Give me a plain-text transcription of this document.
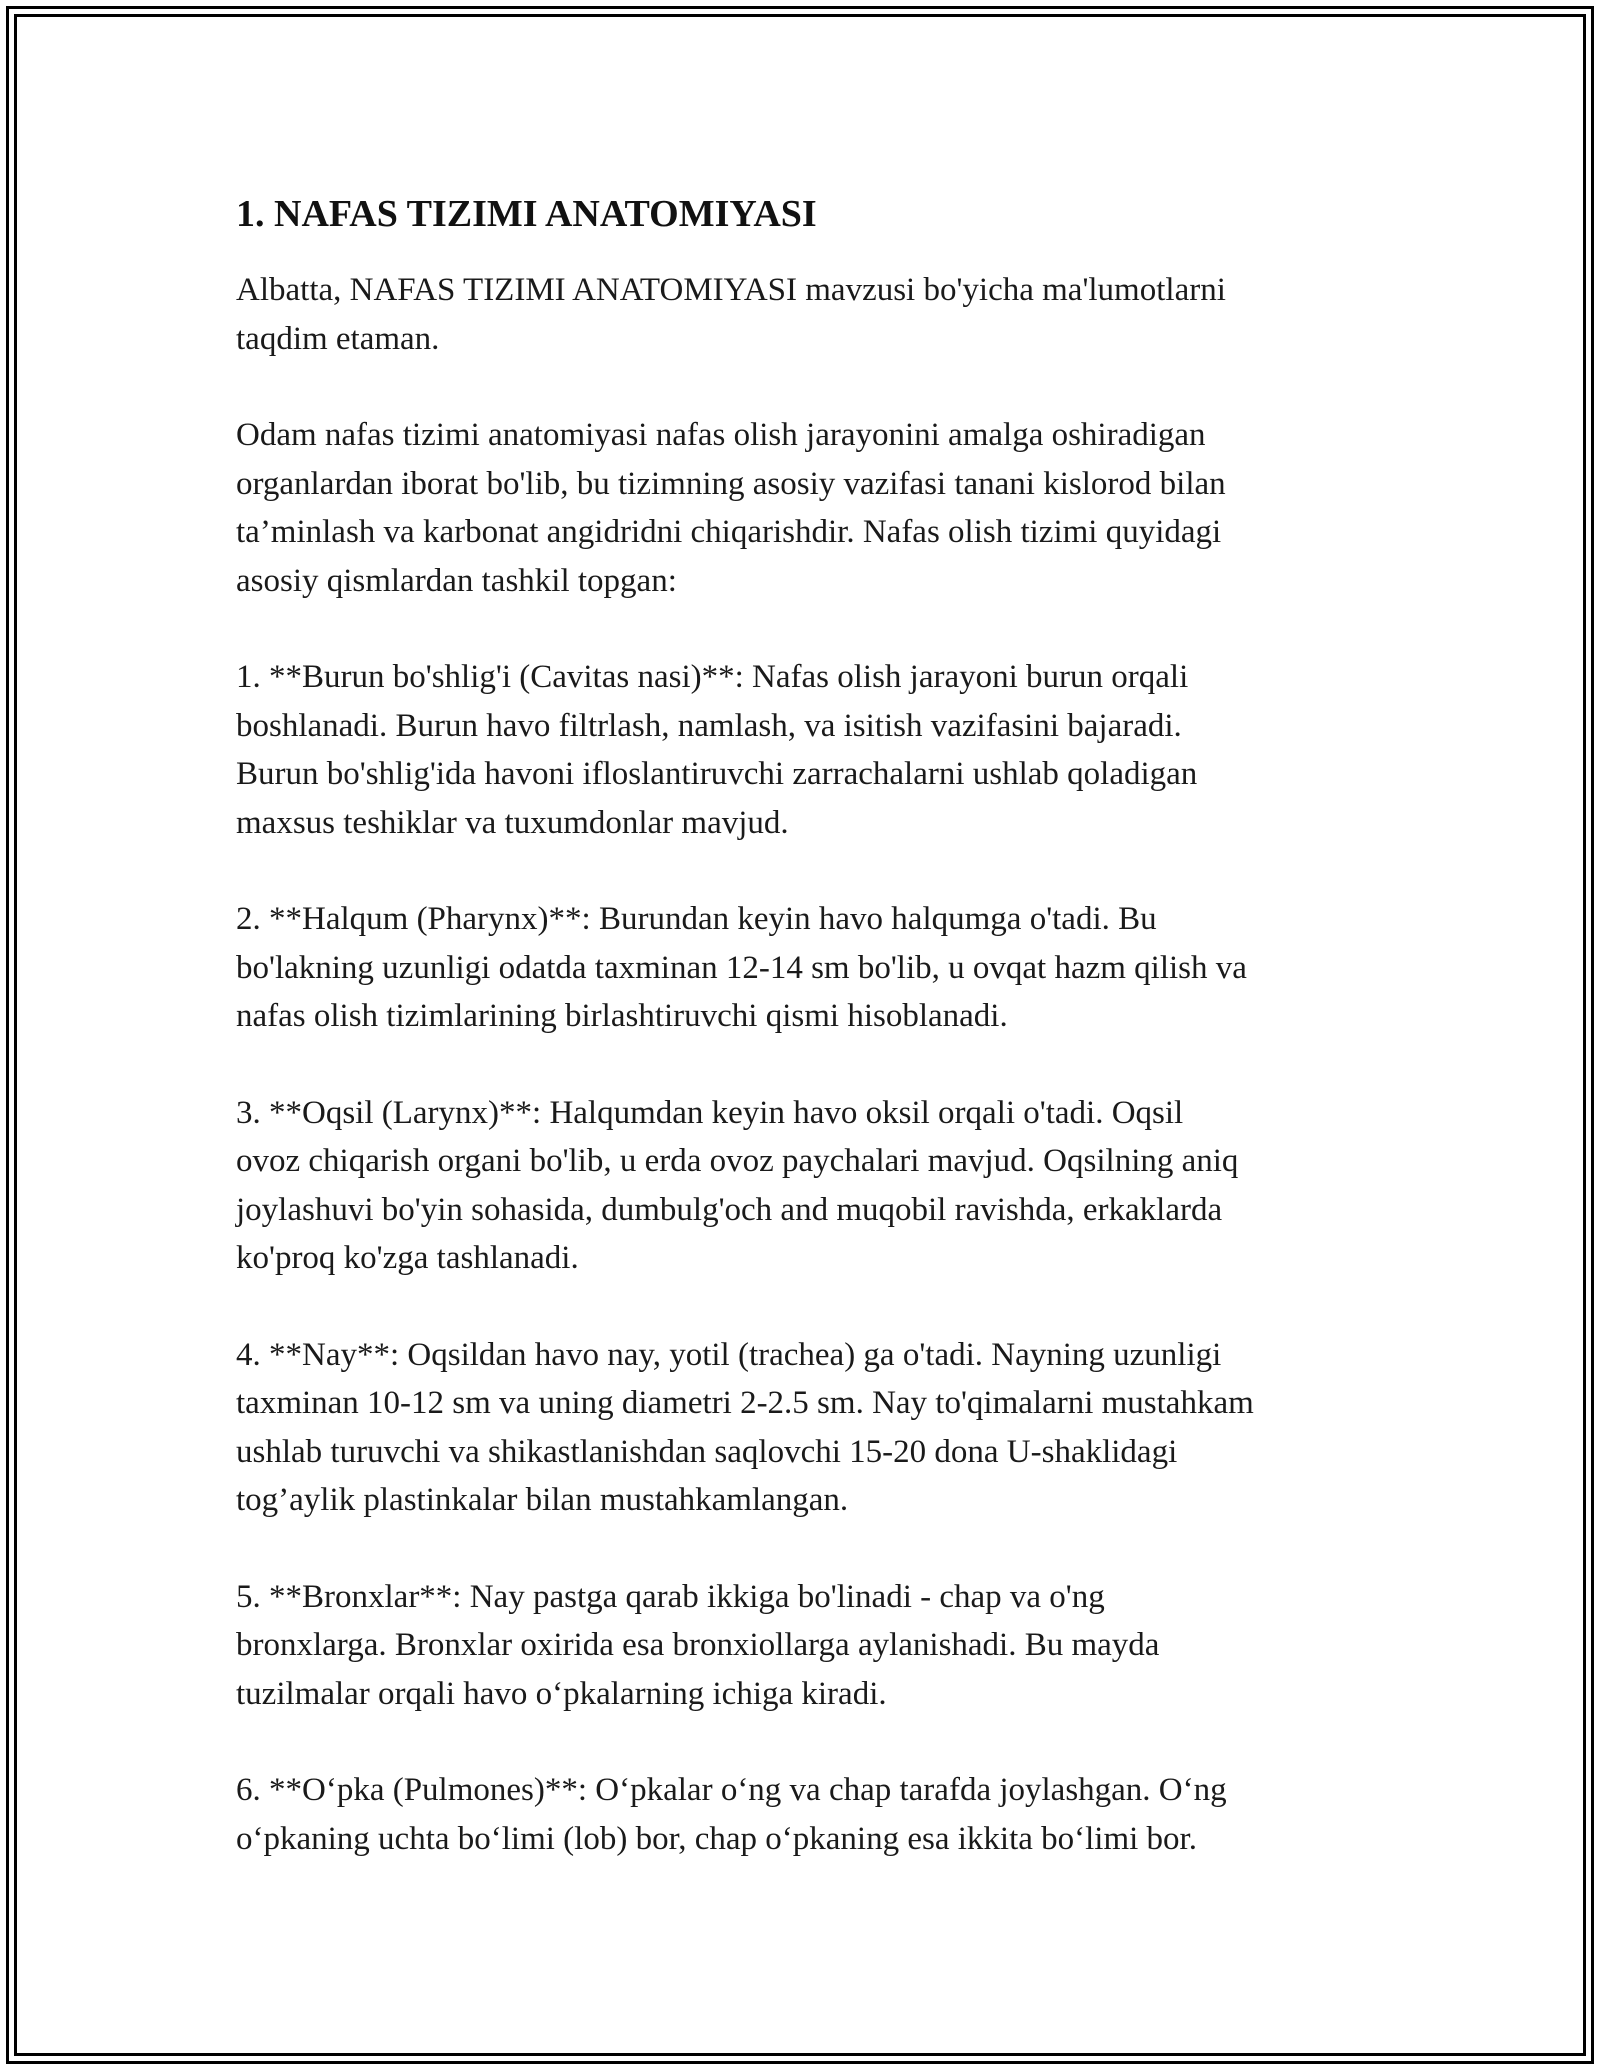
1. NAFAS TIZIMI ANATOMIYASI

Albatta, NAFAS TIZIMI ANATOMIYASI mavzusi bo'yicha ma'lumotlarni
taqdim etaman.

Odam nafas tizimi anatomiyasi nafas olish jarayonini amalga oshiradigan
organlardan iborat bo'lib, bu tizimning asosiy vazifasi tanani kislorod bilan
ta’minlash va karbonat angidridni chiqarishdir. Nafas olish tizimi quyidagi
asosiy qismlardan tashkil topgan:

1. **Burun bo'shlig'i (Cavitas nasi)**: Nafas olish jarayoni burun orqali
boshlanadi. Burun havo filtrlash, namlash, va isitish vazifasini bajaradi.
Burun bo'shlig'ida havoni ifloslantiruvchi zarrachalarni ushlab qoladigan
maxsus teshiklar va tuxumdonlar mavjud.

2. **Halqum (Pharynx)**: Burundan keyin havo halqumga o'tadi. Bu
bo'lakning uzunligi odatda taxminan 12-14 sm bo'lib, u ovqat hazm qilish va
nafas olish tizimlarining birlashtiruvchi qismi hisoblanadi.

3. **Oqsil (Larynx)**: Halqumdan keyin havo oksil orqali o'tadi. Oqsil
ovoz chiqarish organi bo'lib, u erda ovoz paychalari mavjud. Oqsilning aniq
joylashuvi bo'yin sohasida, dumbulg'och and muqobil ravishda, erkaklarda
ko'proq ko'zga tashlanadi.

4. **Nay**: Oqsildan havo nay, yotil (trachea) ga o'tadi. Nayning uzunligi
taxminan 10-12 sm va uning diametri 2-2.5 sm. Nay to'qimalarni mustahkam
ushlab turuvchi va shikastlanishdan saqlovchi 15-20 dona U-shaklidagi
tog’aylik plastinkalar bilan mustahkamlangan.

5. **Bronxlar**: Nay pastga qarab ikkiga bo'linadi - chap va o'ng
bronxlarga. Bronxlar oxirida esa bronxiollarga aylanishadi. Bu mayda
tuzilmalar orqali havo o‘pkalarning ichiga kiradi.

6. **O‘pka (Pulmones)**: O‘pkalar o‘ng va chap tarafda joylashgan. O‘ng
o‘pkaning uchta bo‘limi (lob) bor, chap o‘pkaning esa ikkita bo‘limi bor.
